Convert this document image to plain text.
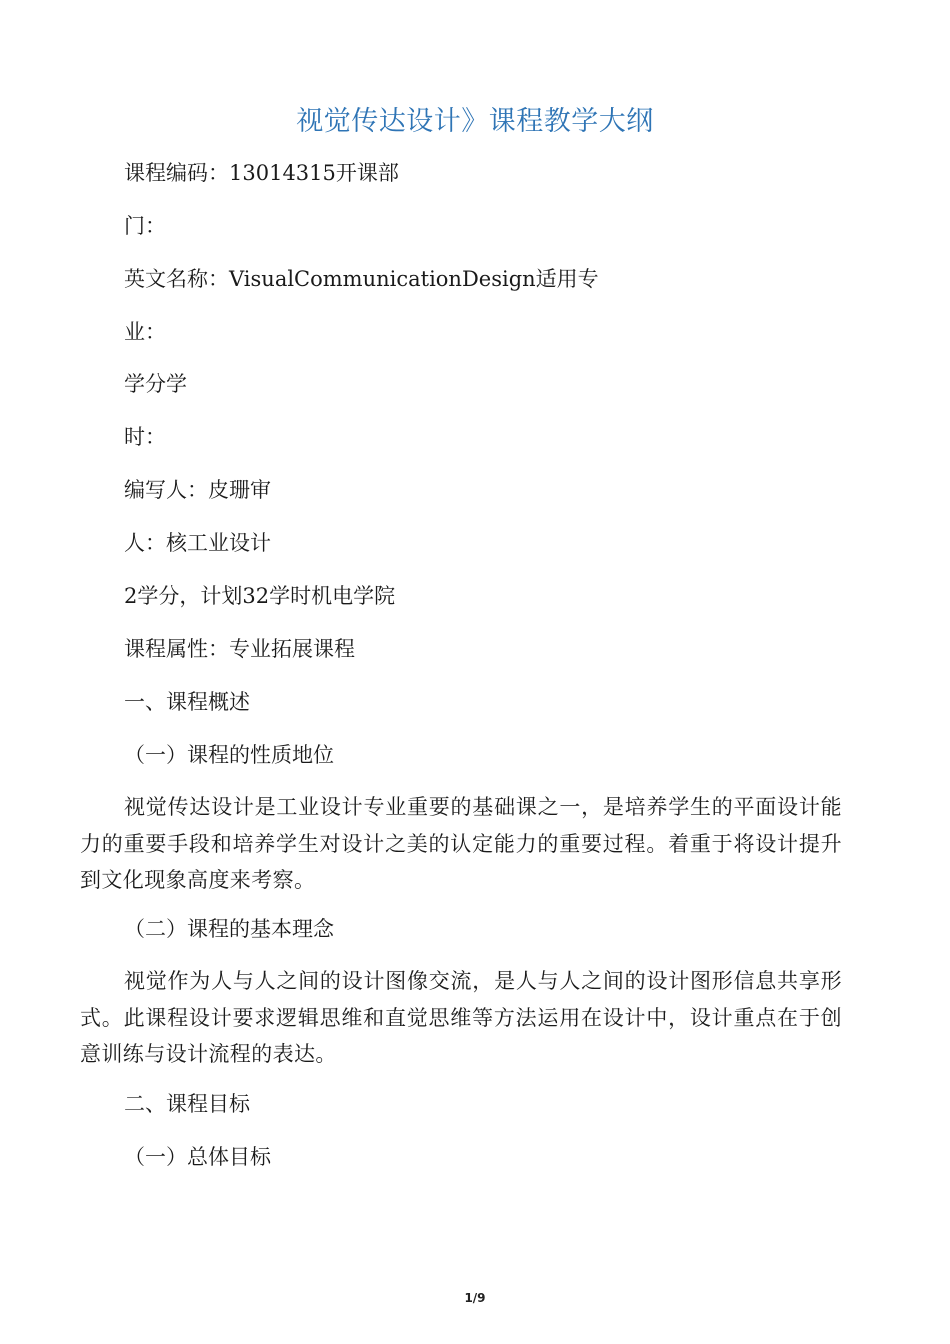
视觉传达设计》课程教学大纲
课程编码：13014315开课部
门：
英文名称：VisualCommunicationDesign适用专
业：
学分学
时：
编写人：皮珊审
人：核工业设计
2学分，计划32学时机电学院
课程属性：专业拓展课程
一、课程概述
（一）课程的性质地位
视觉传达设计是工业设计专业重要的基础课之一，是培养学生的平面设计能力的重要手段和培养学生对设计之美的认定能力的重要过程。着重于将设计提升到文化现象高度来考察。
（二）课程的基本理念
视觉作为人与人之间的设计图像交流，是人与人之间的设计图形信息共享形式。此课程设计要求逻辑思维和直觉思维等方法运用在设计中，设计重点在于创意训练与设计流程的表达。
二、课程目标
（一）总体目标
1/9
